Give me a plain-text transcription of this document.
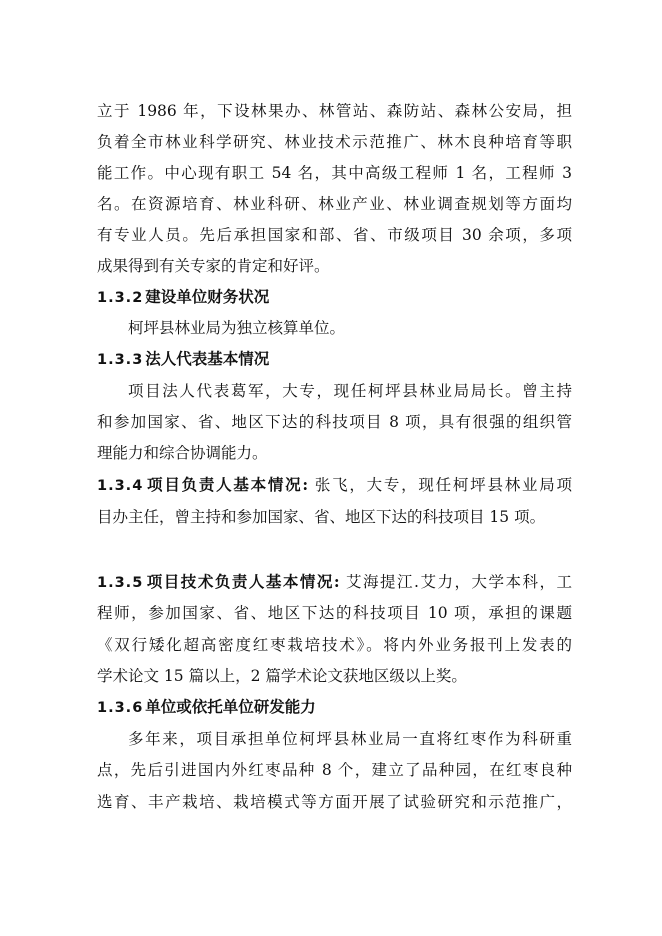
立于 1986 年，下设林果办、林管站、森防站、森林公安局，担
负着全市林业科学研究、林业技术示范推广、林木良种培育等职
能工作。中心现有职工 54 名，其中高级工程师 1 名，工程师 3
名。在资源培育、林业科研、林业产业、林业调查规划等方面均
有专业人员。先后承担国家和部、省、市级项目 30 余项，多项
成果得到有关专家的肯定和好评。
1.3.2 建设单位财务状况
柯坪县林业局为独立核算单位。
1.3.3 法人代表基本情况
项目法人代表葛军，大专，现任柯坪县林业局局长。曾主持
和参加国家、省、地区下达的科技项目 8 项，具有很强的组织管
理能力和综合协调能力。
1.3.4 项目负责人基本情况: 张飞，大专，现任柯坪县林业局项
目办主任，曾主持和参加国家、省、地区下达的科技项目 15 项。
1.3.5 项目技术负责人基本情况: 艾海提江.艾力，大学本科，工
程师，参加国家、省、地区下达的科技项目 10 项，承担的课题
《双行矮化超高密度红枣栽培技术》。将内外业务报刊上发表的
学术论文 15 篇以上，2 篇学术论文获地区级以上奖。
1.3.6 单位或依托单位研发能力
多年来，项目承担单位柯坪县林业局一直将红枣作为科研重
点，先后引进国内外红枣品种 8 个，建立了品种园，在红枣良种
选育、丰产栽培、栽培模式等方面开展了试验研究和示范推广，
